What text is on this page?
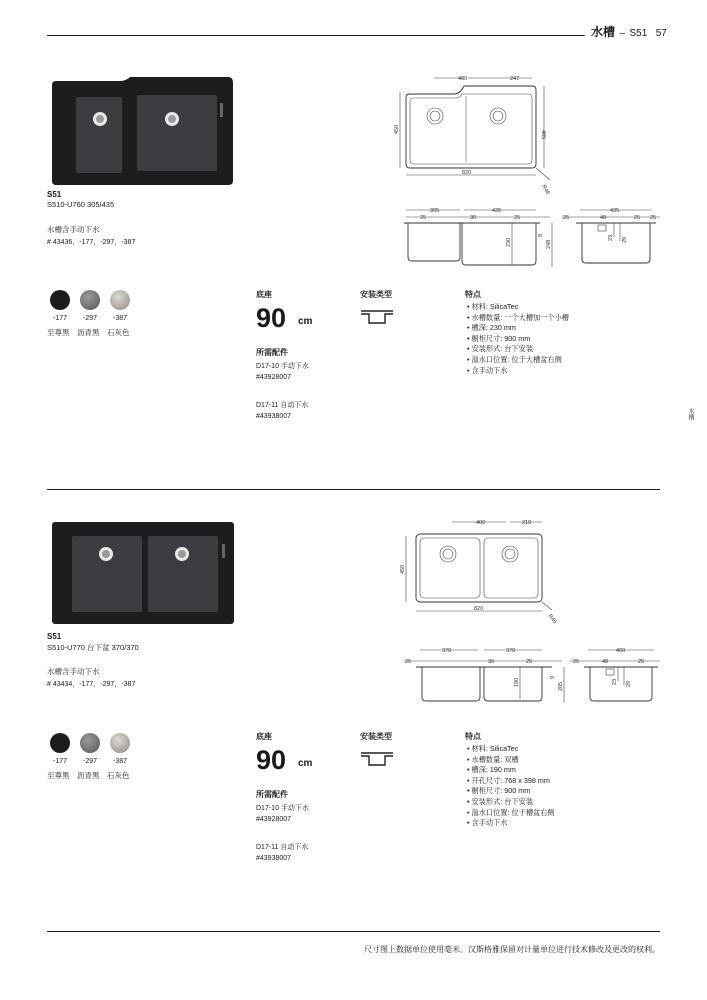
水槽 – S51 57
水槽
S51
S510-U760 305/435
水槽含手动下水
# 43436，-177，-297，-387
-177	-297	-387
至尊黑 沥青黑 石灰色
底座
90 cm
所需配件
D17-10 手动下水
#43928007
D17-11 自动下水
#43938007
安装类型	特点
• 材料: SilicaTec
• 水槽数量: 一个大槽加一个小槽
• 槽深: 230 mm
• 橱柜尺寸: 900 mm
• 安装形式: 台下安装
• 溢水口位置: 位于大槽盆右侧
• 含手动下水
400	247
450
485
820
R46
305	435
25	30	25
230	248
9
435
25	48	25 25
23 29
S51
S510-U770 台下盆 370/370
水槽含手动下水
# 43434，-177，-297，-387
-177	-297	-387
至尊黑 沥青黑 石灰色
底座
90 cm
所需配件
D17-10 手动下水
#43928007
D17-11 自动下水
#43938007
安装类型	特点
• 材料: SilicaTec
• 水槽数量: 双槽
• 槽深: 190 mm
• 开孔尺寸: 768 x 398 mm
• 橱柜尺寸: 900 mm
• 安装形式: 台下安装
• 溢水口位置: 位于槽盆右侧
• 含手动下水
400	210
450
820
R46
370	370
25	30	25
190	205
9
400
25	48	25
23 29
尺寸图上数据单位使用毫米。汉斯格雅保留对计量单位进行技术修改及更改的权利。
